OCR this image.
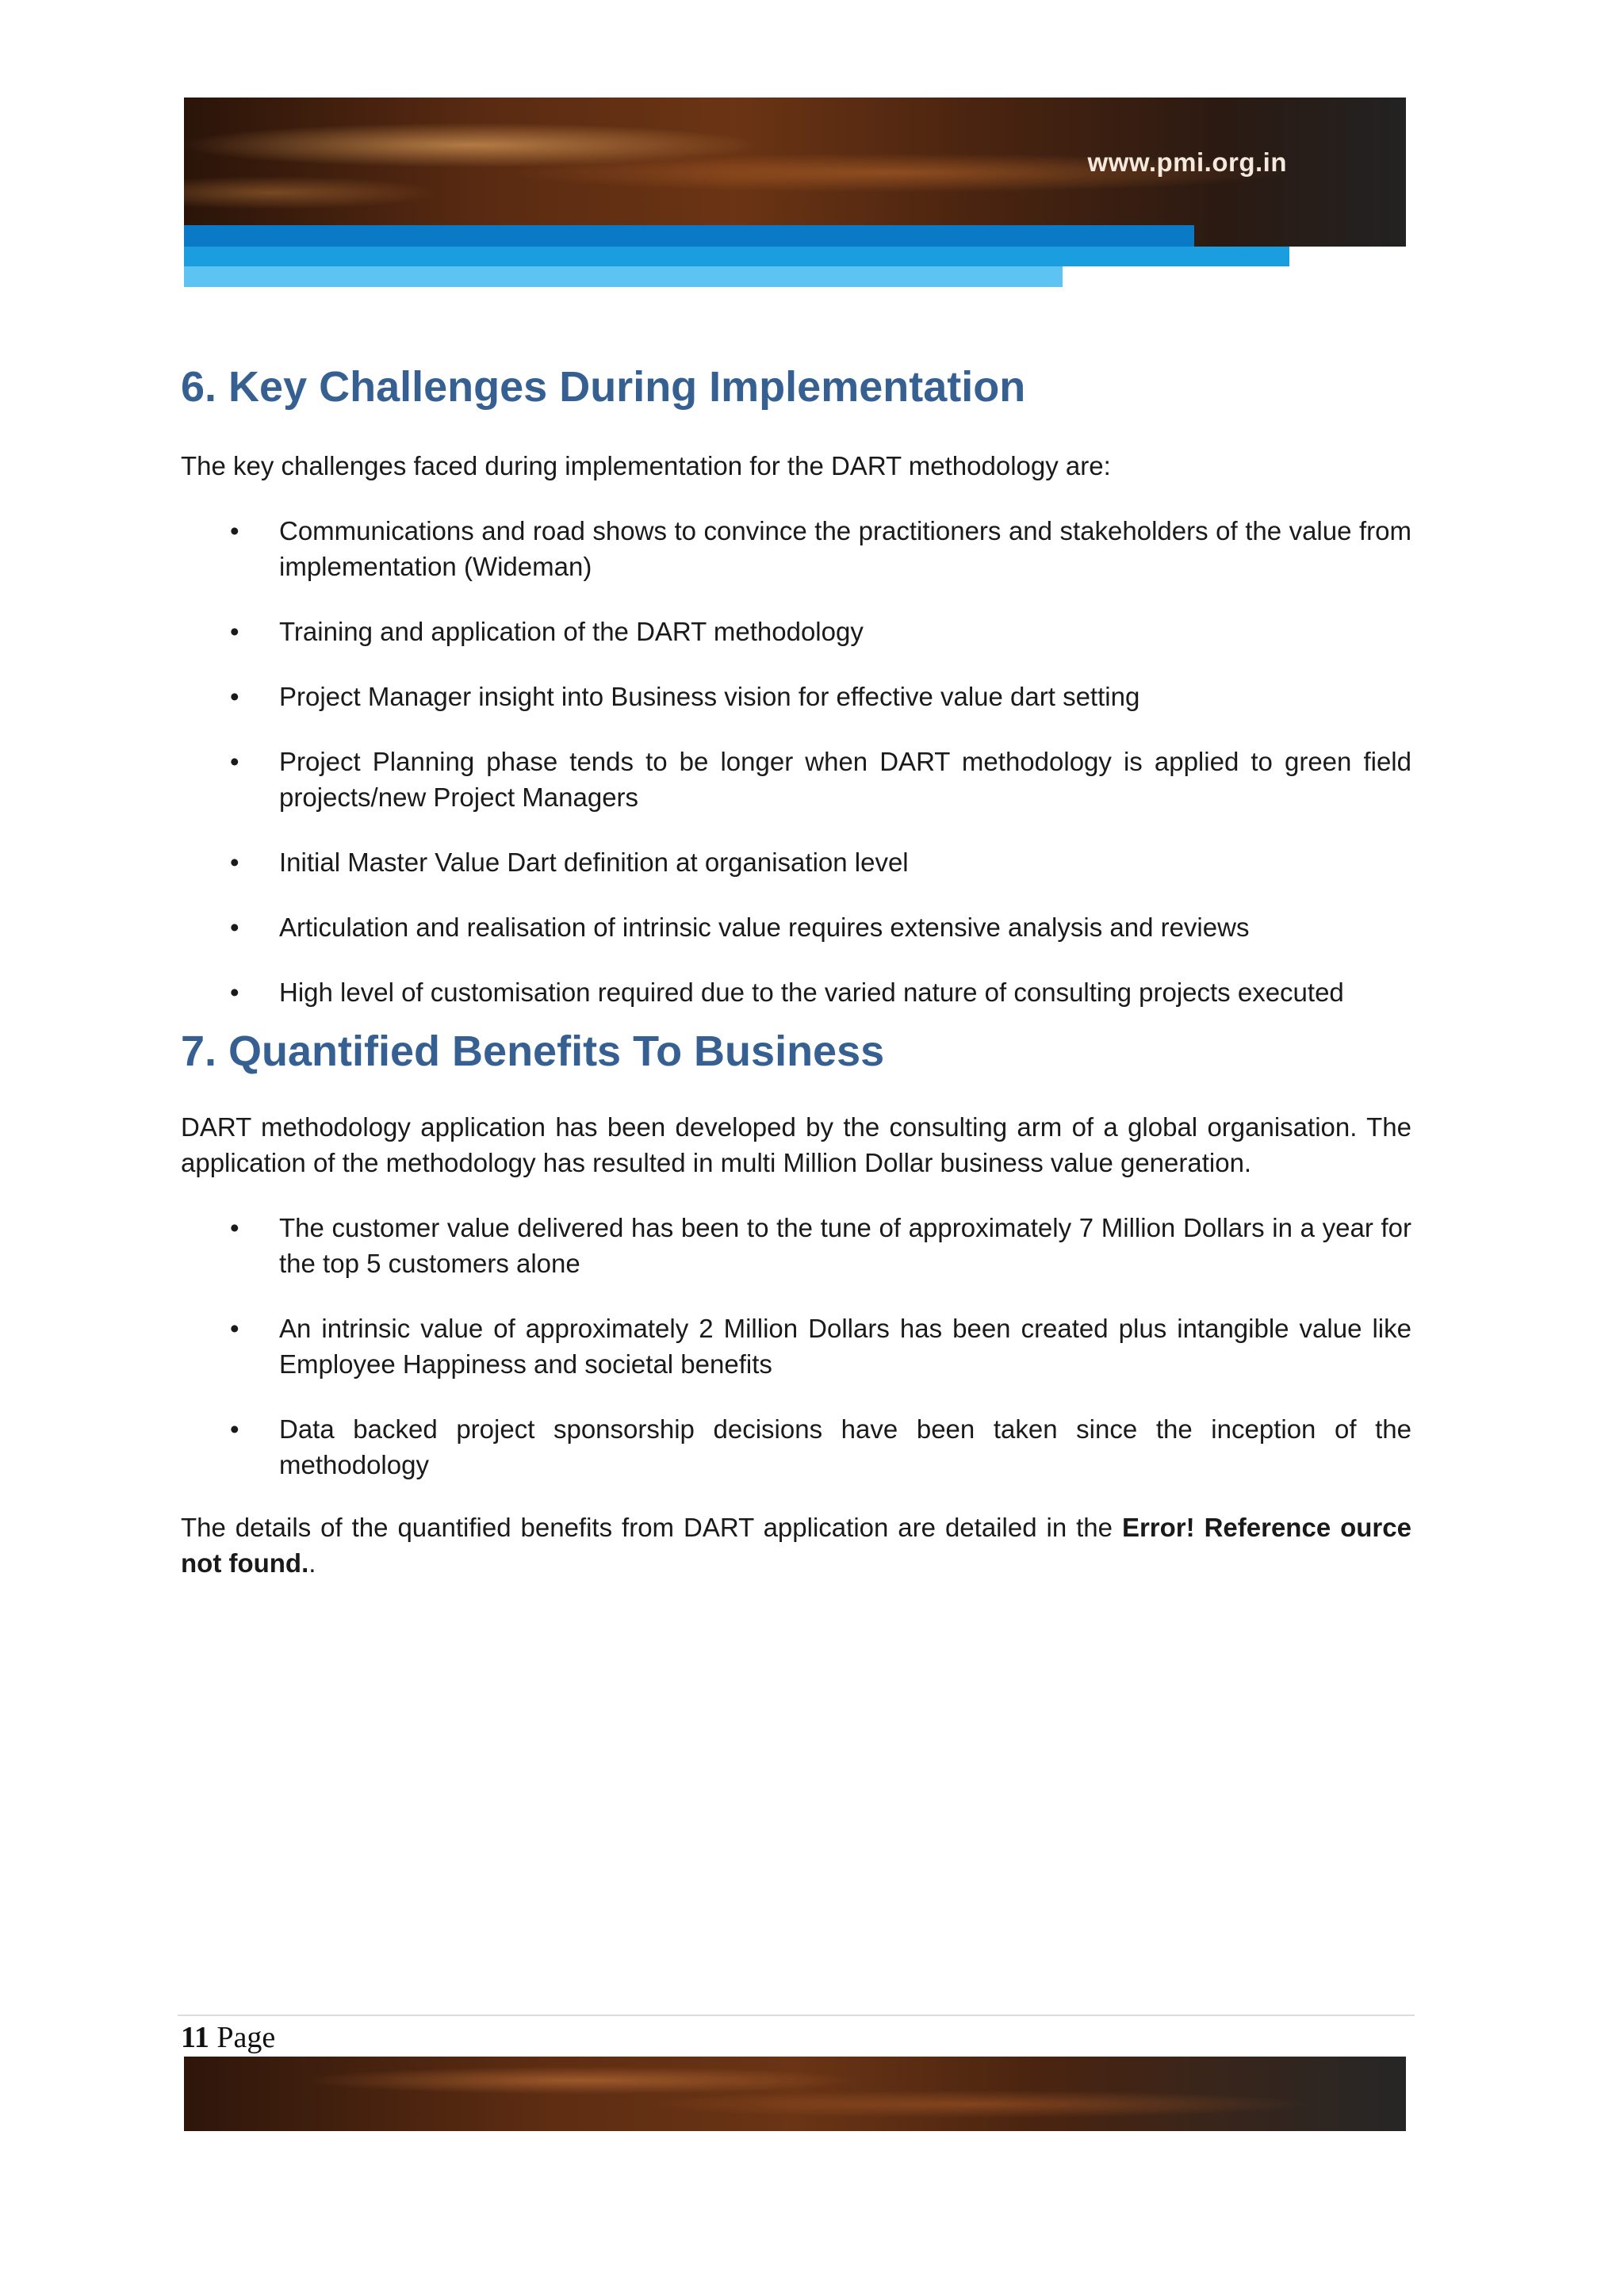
www.pmi.org.in
6. Key Challenges During Implementation

The key challenges faced during implementation for the DART methodology are:

• Communications and road shows to convince the practitioners and stakeholders of the value from implementation (Wideman)
• Training and application of the DART methodology
• Project Manager insight into Business vision for effective value dart setting
• Project Planning phase tends to be longer when DART methodology is applied to green field projects/new Project Managers
• Initial Master Value Dart definition at organisation level
• Articulation and realisation of intrinsic value requires extensive analysis and reviews
• High level of customisation required due to the varied nature of consulting projects executed
7. Quantified Benefits To Business

DART methodology application has been developed by the consulting arm of a global organisation. The application of the methodology has resulted in multi Million Dollar business value generation.

• The customer value delivered has been to the tune of approximately 7 Million Dollars in a year for the top 5 customers alone
• An intrinsic value of approximately 2 Million Dollars has been created plus intangible value like Employee Happiness and societal benefits
• Data backed project sponsorship decisions have been taken since the inception of the methodology

The details of the quantified benefits from DART application are detailed in the Error! Reference ource not found..

11 Page
